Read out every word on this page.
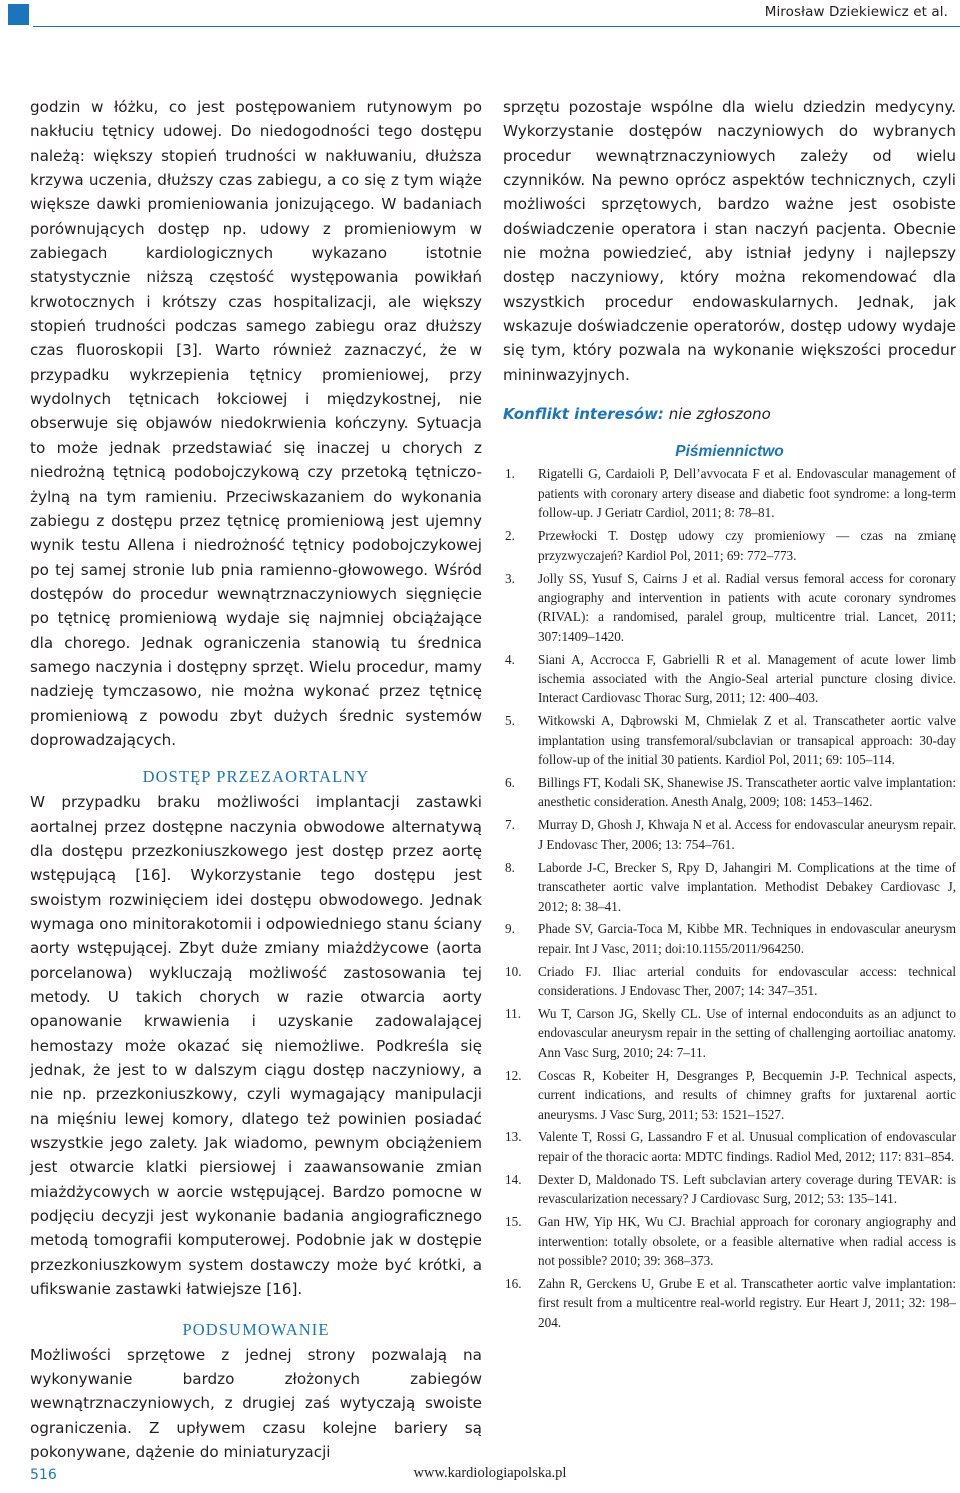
Mirosław Dziekiewicz et al.

godzin w łóżku, co jest postępowaniem rutynowym po nakłuciu tętnicy udowej. Do niedogodności tego dostępu należą: większy stopień trudności w nakłuwaniu, dłuższa krzywa uczenia, dłuższy czas zabiegu, a co się z tym wiąże większe dawki promieniowania jonizującego. W badaniach porównujących dostęp np. udowy z promieniowym w zabiegach kardiologicznych wykazano istotnie statystycznie niższą częstość występowania powikłań krwotocznych i krótszy czas hospitalizacji, ale większy stopień trudności podczas samego zabiegu oraz dłuższy czas fluoroskopii [3]. Warto również zaznaczyć, że w przypadku wykrzepienia tętnicy promieniowej, przy wydolnych tętnicach łokciowej i międzykostnej, nie obserwuje się objawów niedokrwienia kończyny. Sytuacja to może jednak przedstawiać się inaczej u chorych z niedrożną tętnicą podobojczykową czy przetoką tętniczo-żylną na tym ramieniu. Przeciwskazaniem do wykonania zabiegu z dostępu przez tętnicę promieniową jest ujemny wynik testu Allena i niedrożność tętnicy podobojczykowej po tej samej stronie lub pnia ramienno-głowowego. Wśród dostępów do procedur wewnątrznaczyniowych sięgnięcie po tętnicę promieniową wydaje się najmniej obciążające dla chorego. Jednak ograniczenia stanowią tu średnica samego naczynia i dostępny sprzęt. Wielu procedur, mamy nadzieję tymczasowo, nie można wykonać przez tętnicę promieniową z powodu zbyt dużych średnic systemów doprowadzających.

DOSTĘP PRZEZAORTALNY

W przypadku braku możliwości implantacji zastawki aortalnej przez dostępne naczynia obwodowe alternatywą dla dostępu przezkoniuszkowego jest dostęp przez aortę wstępującą [16]. Wykorzystanie tego dostępu jest swoistym rozwinięciem idei dostępu obwodowego. Jednak wymaga ono minitorakotomii i odpowiedniego stanu ściany aorty wstępującej. Zbyt duże zmiany miażdżycowe (aorta porcelanowa) wykluczają możliwość zastosowania tej metody. U takich chorych w razie otwarcia aorty opanowanie krwawienia i uzyskanie zadowalającej hemostazy może okazać się niemożliwe. Podkreśla się jednak, że jest to w dalszym ciągu dostęp naczyniowy, a nie np. przezkoniuszkowy, czyli wymagający manipulacji na mięśniu lewej komory, dlatego też powinien posiadać wszystkie jego zalety. Jak wiadomo, pewnym obciążeniem jest otwarcie klatki piersiowej i zaawansowanie zmian miażdżycowych w aorcie wstępującej. Bardzo pomocne w podjęciu decyzji jest wykonanie badania angiograficznego metodą tomografii komputerowej. Podobnie jak w dostępie przezkoniuszkowym system dostawczy może być krótki, a ufikswanie zastawki łatwiejsze [16].

PODSUMOWANIE

Możliwości sprzętowe z jednej strony pozwalają na wykonywanie bardzo złożonych zabiegów wewnątrznaczyniowych, z drugiej zaś wytyczają swoiste ograniczenia. Z upływem czasu kolejne bariery są pokonywane, dążenie do miniaturyzacji

sprzętu pozostaje wspólne dla wielu dziedzin medycyny. Wykorzystanie dostępów naczyniowych do wybranych procedur wewnątrznaczyniowych zależy od wielu czynników. Na pewno oprócz aspektów technicznych, czyli możliwości sprzętowych, bardzo ważne jest osobiste doświadczenie operatora i stan naczyń pacjenta. Obecnie nie można powiedzieć, aby istniał jedyny i najlepszy dostęp naczyniowy, który można rekomendować dla wszystkich procedur endowaskularnych. Jednak, jak wskazuje doświadczenie operatorów, dostęp udowy wydaje się tym, który pozwala na wykonanie większości procedur mininwazyjnych.

Konflikt interesów: nie zgłoszono

Piśmiennictwo
1. Rigatelli G, Cardaioli P, Dell’avvocata F et al. Endovascular management of patients with coronary artery disease and diabetic foot syndrome: a long-term follow-up. J Geriatr Cardiol, 2011; 8: 78–81.
2. Przewłocki T. Dostęp udowy czy promieniowy — czas na zmianę przyzwyczajeń? Kardiol Pol, 2011; 69: 772–773.
3. Jolly SS, Yusuf S, Cairns J et al. Radial versus femoral access for coronary angiography and intervention in patients with acute coronary syndromes (RIVAL): a randomised, paralel group, multicentre trial. Lancet, 2011; 307:1409–1420.
4. Siani A, Accrocca F, Gabrielli R et al. Management of acute lower limb ischemia associated with the Angio-Seal arterial puncture closing divice. Interact Cardiovasc Thorac Surg, 2011; 12: 400–403.
5. Witkowski A, Dąbrowski M, Chmielak Z et al. Transcatheter aortic valve implantation using transfemoral/subclavian or transapical approach: 30-day follow-up of the initial 30 patients. Kardiol Pol, 2011; 69: 105–114.
6. Billings FT, Kodali SK, Shanewise JS. Transcatheter aortic valve implantation: anesthetic consideration. Anesth Analg, 2009; 108: 1453–1462.
7. Murray D, Ghosh J, Khwaja N et al. Access for endovascular aneurysm repair. J Endovasc Ther, 2006; 13: 754–761.
8. Laborde J-C, Brecker S, Rpy D, Jahangiri M. Complications at the time of transcatheter aortic valve implantation. Methodist Debakey Cardiovasc J, 2012; 8: 38–41.
9. Phade SV, Garcia-Toca M, Kibbe MR. Techniques in endovascular aneurysm repair. Int J Vasc, 2011; doi:10.1155/2011/964250.
10. Criado FJ. Iliac arterial conduits for endovascular access: technical considerations. J Endovasc Ther, 2007; 14: 347–351.
11. Wu T, Carson JG, Skelly CL. Use of internal endoconduits as an adjunct to endovascular aneurysm repair in the setting of challenging aortoiliac anatomy. Ann Vasc Surg, 2010; 24: 7–11.
12. Coscas R, Kobeiter H, Desgranges P, Becquemin J-P. Technical aspects, current indications, and results of chimney grafts for juxtarenal aortic aneurysms. J Vasc Surg, 2011; 53: 1521–1527.
13. Valente T, Rossi G, Lassandro F et al. Unusual complication of endovascular repair of the thoracic aorta: MDTC findings. Radiol Med, 2012; 117: 831–854.
14. Dexter D, Maldonado TS. Left subclavian artery coverage during TEVAR: is revascularization necessary? J Cardiovasc Surg, 2012; 53: 135–141.
15. Gan HW, Yip HK, Wu CJ. Brachial approach for coronary angiography and interwention: totally obsolete, or a feasible alternative when radial access is not possible? 2010; 39: 368–373.
16. Zahn R, Gerckens U, Grube E et al. Transcatheter aortic valve implantation: first result from a multicentre real-world registry. Eur Heart J, 2011; 32: 198–204.
516	www.kardiologiapolska.pl
